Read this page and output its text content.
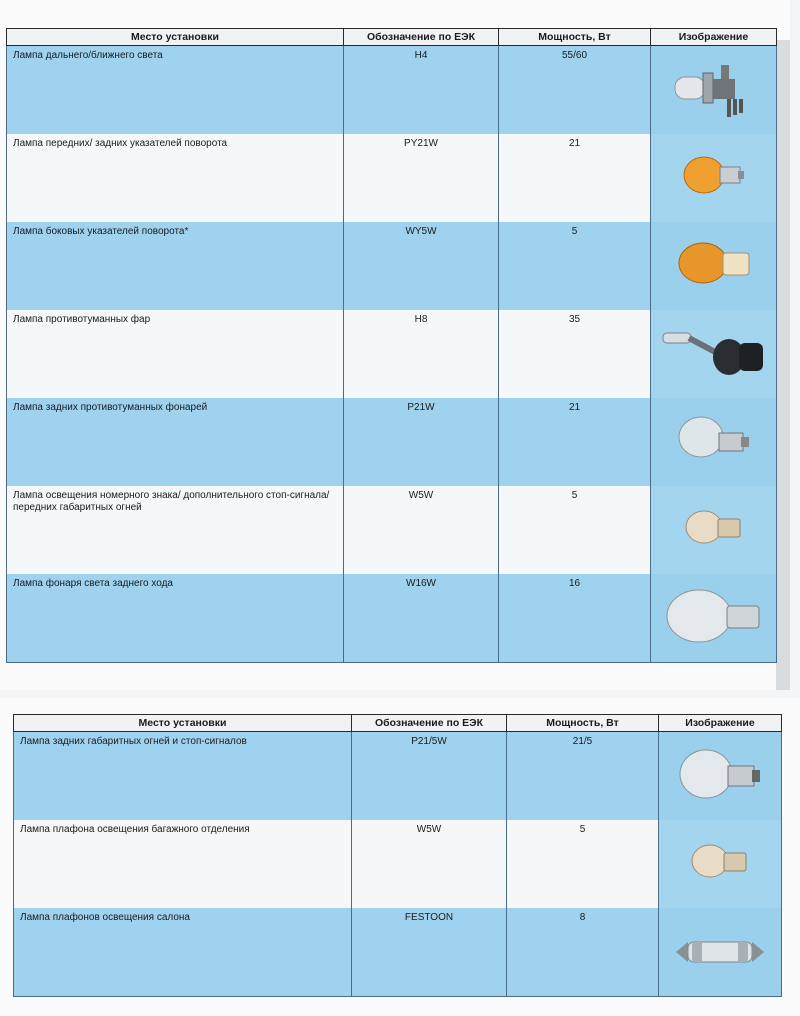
Место установки	Обозначение по ЕЭК	Мощность, Вт	Изображение
Лампа дальнего/ближнего света	H4	55/60	

Лампа передних/ задних указателей поворота	PY21W	21	

Лампа боковых указателей поворота*	WY5W	5	

Лампа противотуманных фар	H8	35	

Лампа задних противотуманных фонарей	P21W	21	

Лампа освещения номерного знака/ дополнительного стоп-сигнала/ передних габаритных огней	W5W	5	

Лампа фонаря света заднего хода	W16W	16	
Место установки	Обозначение по ЕЭК	Мощность, Вт	Изображение
Лампа задних габаритных огней и стоп-сигналов	P21/5W	21/5	

Лампа плафона освещения багажного отделения	W5W	5	

Лампа плафонов освещения салона	FESTOON	8	
